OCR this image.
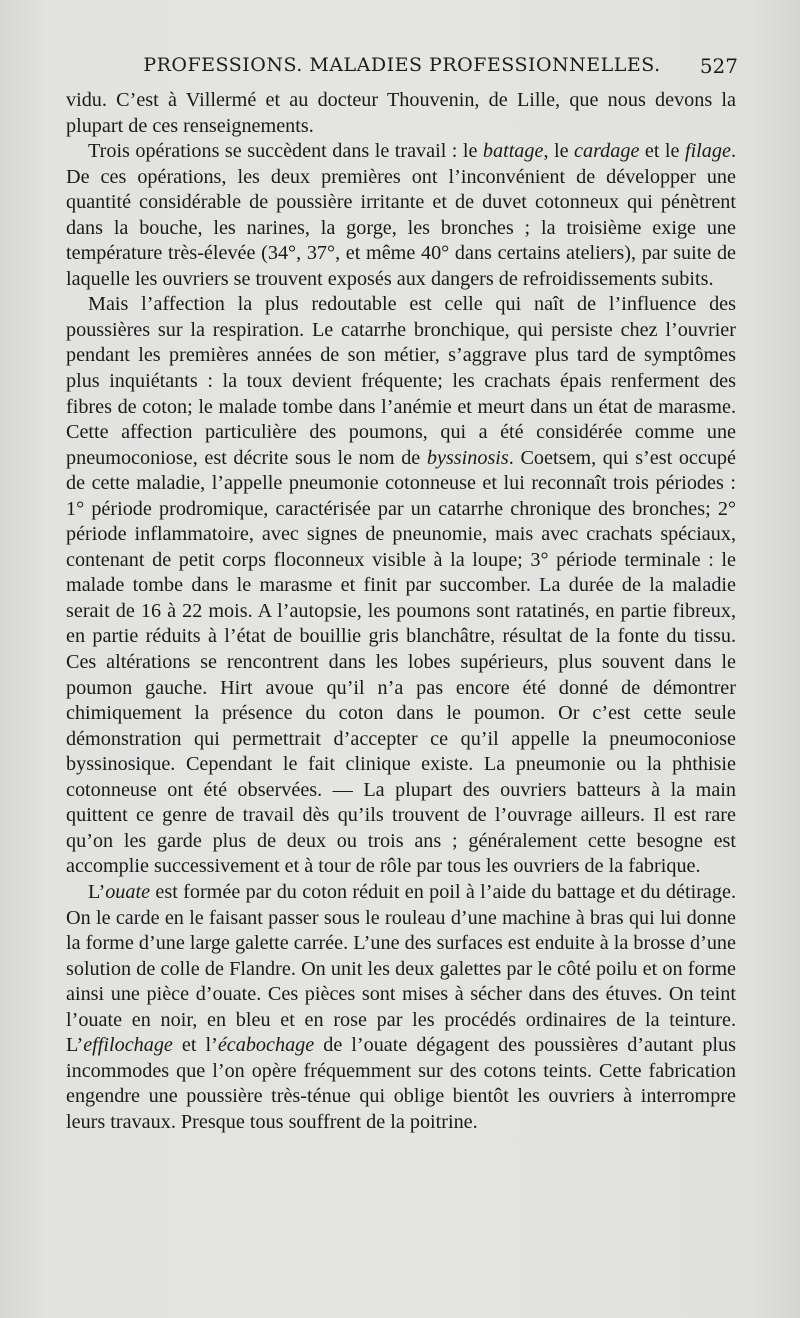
PROFESSIONS. MALADIES PROFESSIONNELLES.	527

vidu. C’est à Villermé et au docteur Thouvenin, de Lille, que nous devons la plupart de ces renseignements.

Trois opérations se succèdent dans le travail : le battage, le cardage et le filage. De ces opérations, les deux premières ont l’inconvénient de développer une quantité considérable de poussière irritante et de duvet cotonneux qui pénètrent dans la bouche, les narines, la gorge, les bronches ; la troisième exige une température très-élevée (34°, 37°, et même 40° dans certains ateliers), par suite de laquelle les ouvriers se trouvent exposés aux dangers de refroidissements subits.

Mais l’affection la plus redoutable est celle qui naît de l’influence des poussières sur la respiration. Le catarrhe bronchique, qui persiste chez l’ouvrier pendant les premières années de son métier, s’aggrave plus tard de symptômes plus inquiétants : la toux devient fréquente; les crachats épais renferment des fibres de coton; le malade tombe dans l’anémie et meurt dans un état de marasme. Cette affection particulière des poumons, qui a été considérée comme une pneumoconiose, est décrite sous le nom de byssinosis. Coetsem, qui s’est occupé de cette maladie, l’appelle pneumonie cotonneuse et lui reconnaît trois périodes : 1° période prodromique, caractérisée par un catarrhe chronique des bronches; 2° période inflammatoire, avec signes de pneunomie, mais avec crachats spéciaux, contenant de petit corps floconneux visible à la loupe; 3° période terminale : le malade tombe dans le marasme et finit par succomber. La durée de la maladie serait de 16 à 22 mois. A l’autopsie, les poumons sont ratatinés, en partie fibreux, en partie réduits à l’état de bouillie gris blanchâtre, résultat de la fonte du tissu. Ces altérations se rencontrent dans les lobes supérieurs, plus souvent dans le poumon gauche. Hirt avoue qu’il n’a pas encore été donné de démontrer chimiquement la présence du coton dans le poumon. Or c’est cette seule démonstration qui permettrait d’accepter ce qu’il appelle la pneumoconiose byssinosique. Cependant le fait clinique existe. La pneumonie ou la phthisie cotonneuse ont été observées. — La plupart des ouvriers batteurs à la main quittent ce genre de travail dès qu’ils trouvent de l’ouvrage ailleurs. Il est rare qu’on les garde plus de deux ou trois ans ; généralement cette besogne est accomplie successivement et à tour de rôle par tous les ouvriers de la fabrique.

L’ouate est formée par du coton réduit en poil à l’aide du battage et du détirage. On le carde en le faisant passer sous le rouleau d’une machine à bras qui lui donne la forme d’une large galette carrée. L’une des surfaces est enduite à la brosse d’une solution de colle de Flandre. On unit les deux galettes par le côté poilu et on forme ainsi une pièce d’ouate. Ces pièces sont mises à sécher dans des étuves. On teint l’ouate en noir, en bleu et en rose par les procédés ordinaires de la teinture. L’effilochage et l’écabochage de l’ouate dégagent des poussières d’autant plus incommodes que l’on opère fréquemment sur des cotons teints. Cette fabrication engendre une poussière très-ténue qui oblige bientôt les ouvriers à interrompre leurs travaux. Presque tous souffrent de la poitrine.
